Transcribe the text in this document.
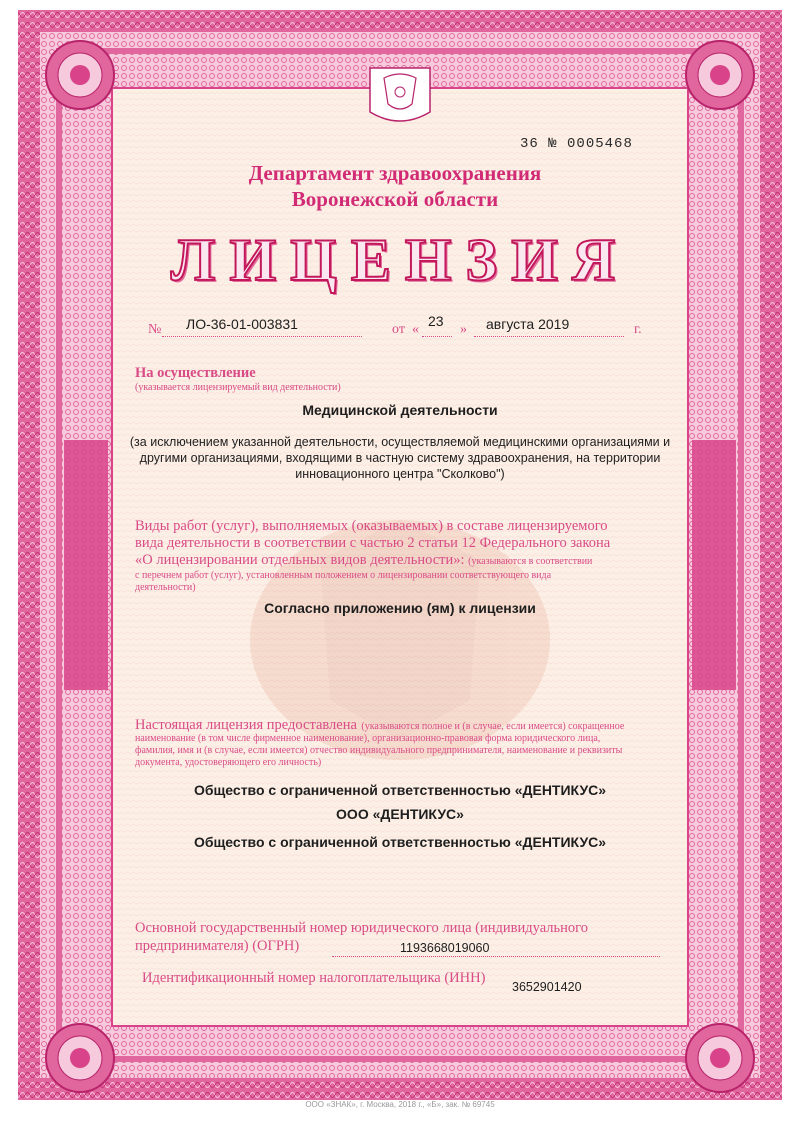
36 № 0005468
Департамент здравоохранения
Воронежской области
ЛИЦЕНЗИЯ
№ ЛО-36-01-003831	от «
23
» августа 2019	г.
На осуществление
(указывается лицензируемый вид деятельности)
Медицинской деятельности
(за исключением указанной деятельности, осуществляемой медицинскими организациями и другими организациями, входящими в частную систему здравоохранения, на территории инновационного центра "Сколково")
Виды работ (услуг), выполняемых (оказываемых) в составе лицензируемого
вида деятельности в соответствии с частью 2 статьи 12 Федерального закона
«О лицензировании отдельных видов деятельности»: (указываются в соответствии
с перечнем работ (услуг), установленным положением о лицензировании соответствующего вида
деятельности)
Согласно приложению (ям) к лицензии
Настоящая лицензия предоставлена (указываются полное и (в случае, если имеется) сокращенное
наименование (в том числе фирменное наименование), организационно-правовая форма юридического лица,
фамилия, имя и (в случае, если имеется) отчество индивидуального предпринимателя, наименование и реквизиты
документа, удостоверяющего его личность)
Общество с ограниченной ответственностью «ДЕНТИКУС»
ООО «ДЕНТИКУС»
Общество с ограниченной ответственностью «ДЕНТИКУС»
Основной государственный номер юридического лица (индивидуального
предпринимателя) (ОГРН)	1193668019060
Идентификационный номер налогоплательщика (ИНН)
3652901420
ООО «ЗНАК», г. Москва, 2018 г., «Б», зак. № 69745
